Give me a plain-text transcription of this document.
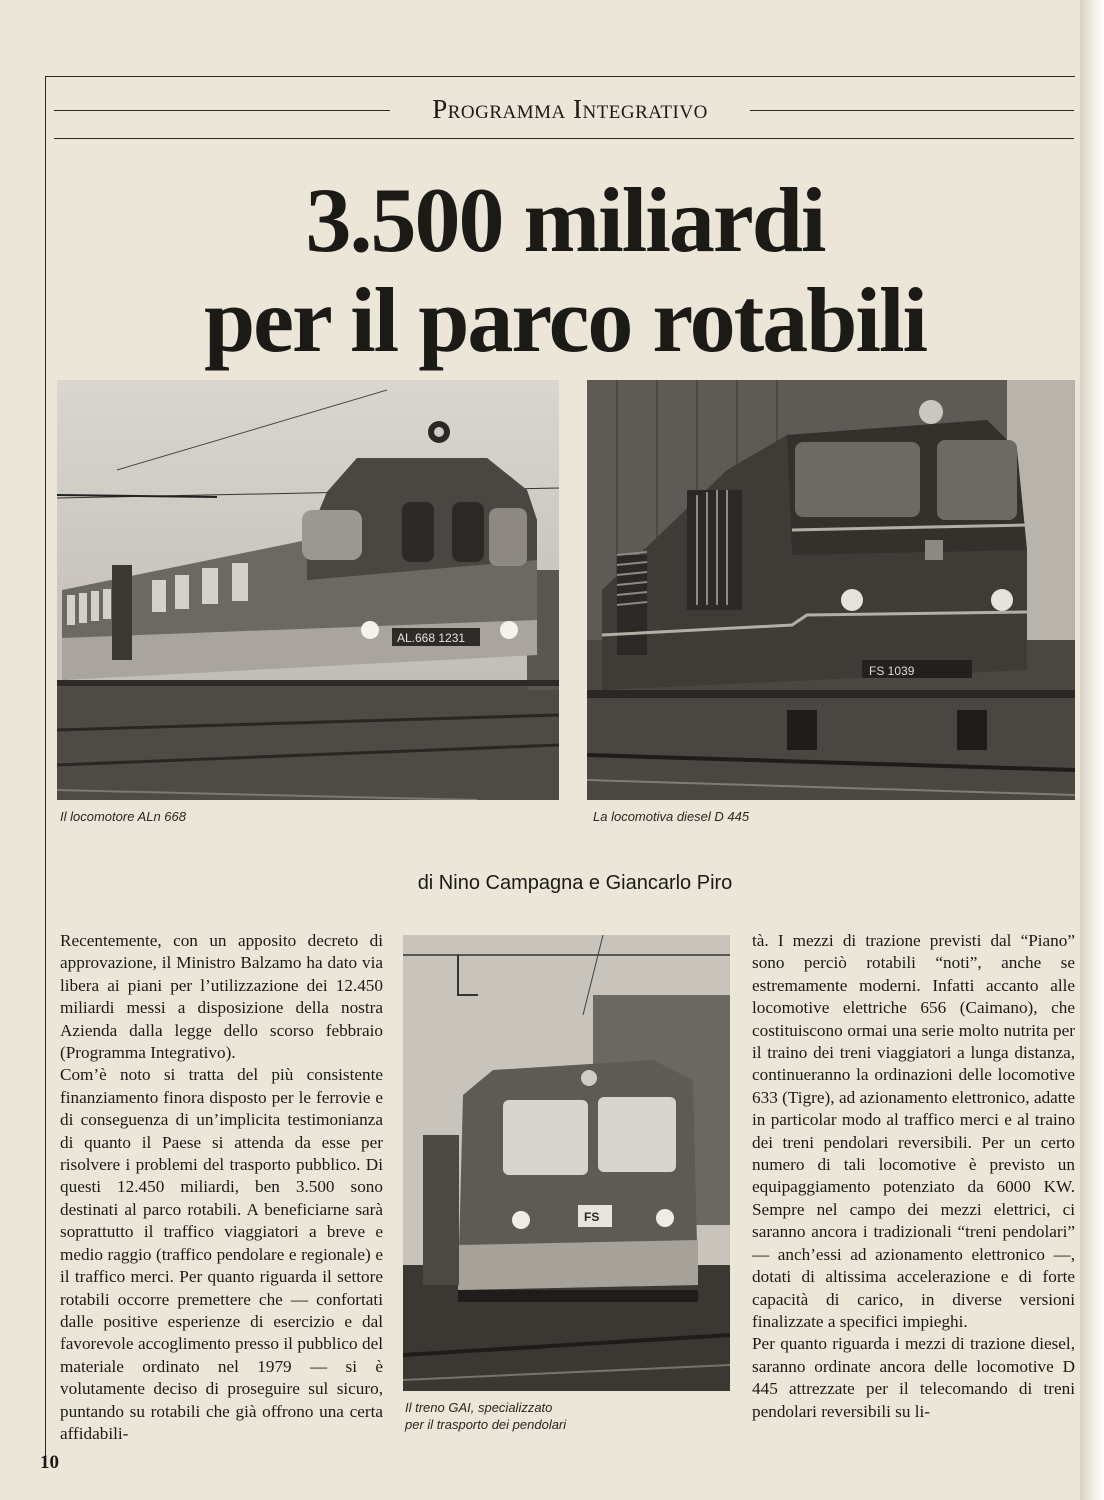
Programma Integrativo
3.500 miliardi
per il parco rotabili
AL.668 1231
FS 1039
Il locomotore ALn 668	La locomotiva diesel D 445
di Nino Campagna e Giancarlo Piro
FS
Il treno GAI, specializzato
per il trasporto dei pendolari

Recentemente, con un apposito decreto di approvazione, il Ministro Balzamo ha dato via libera ai piani per l’utilizzazione dei 12.450 miliardi messi a disposizione della nostra Azienda dalla legge dello scorso febbraio (Programma Integrativo).

Com’è noto si tratta del più consistente finanziamento finora disposto per le ferrovie e di conseguenza di un’implicita testimonianza di quanto il Paese si attenda da esse per risolvere i problemi del trasporto pubblico. Di questi 12.450 miliardi, ben 3.500 sono destinati al parco rotabili. A beneficiarne sarà soprattutto il traffico viaggiatori a breve e medio raggio (traffico pendolare e regionale) e il traffico merci. Per quanto riguarda il settore rotabili occorre premettere che — confortati dalle positive esperienze di esercizio e dal favorevole accoglimento presso il pubblico del materiale ordinato nel 1979 — si è volutamente deciso di proseguire sul sicuro, puntando su rotabili che già offrono una certa affidabili-

tà. I mezzi di trazione previsti dal “Piano” sono perciò rotabili “noti”, anche se estremamente moderni. Infatti accanto alle locomotive elettriche 656 (Caimano), che costituiscono ormai una serie molto nutrita per il traino dei treni viaggiatori a lunga distanza, continueranno la ordinazioni delle locomotive 633 (Tigre), ad azionamento elettronico, adatte in particolar modo al traffico merci e al traino dei treni pendolari reversibili. Per un certo numero di tali locomotive è previsto un equipaggiamento potenziato da 6000 KW. Sempre nel campo dei mezzi elettrici, ci saranno ancora i tradizionali “treni pendolari” — anch’essi ad azionamento elettronico —, dotati di altissima accelerazione e di forte capacità di carico, in diverse versioni finalizzate a specifici impieghi.

Per quanto riguarda i mezzi di trazione diesel, saranno ordinate ancora delle locomotive D 445 attrezzate per il telecomando di treni pendolari reversibili su li-

10
